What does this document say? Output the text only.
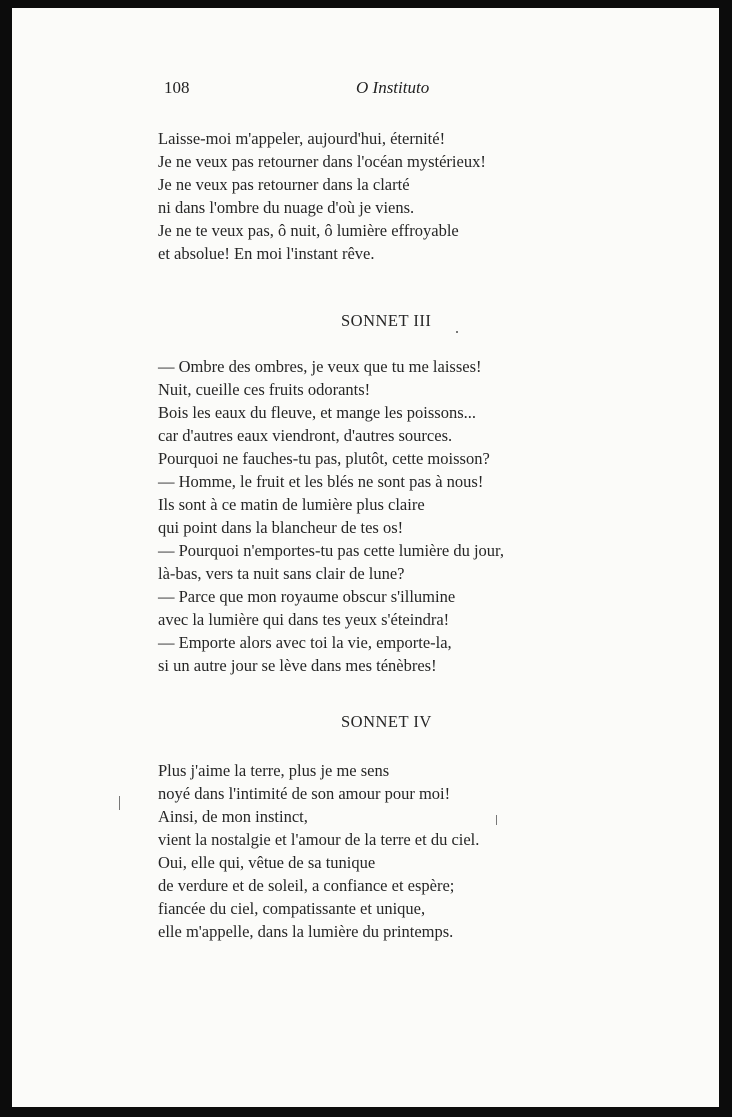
108	O Instituto
Laisse-moi m'appeler, aujourd'hui, éternité!
Je ne veux pas retourner dans l'océan mystérieux!
Je ne veux pas retourner dans la clarté
ni dans l'ombre du nuage d'où je viens.
Je ne te veux pas, ô nuit, ô lumière effroyable
et absolue! En moi l'instant rêve.
SONNET III
— Ombre des ombres, je veux que tu me laisses!
Nuit, cueille ces fruits odorants!
Bois les eaux du fleuve, et mange les poissons...
car d'autres eaux viendront, d'autres sources.
Pourquoi ne fauches-tu pas, plutôt, cette moisson?
— Homme, le fruit et les blés ne sont pas à nous!
Ils sont à ce matin de lumière plus claire
qui point dans la blancheur de tes os!
— Pourquoi n'emportes-tu pas cette lumière du jour,
là-bas, vers ta nuit sans clair de lune?
— Parce que mon royaume obscur s'illumine
avec la lumière qui dans tes yeux s'éteindra!
— Emporte alors avec toi la vie, emporte-la,
si un autre jour se lève dans mes ténèbres!
SONNET IV
Plus j'aime la terre, plus je me sens
noyé dans l'intimité de son amour pour moi!
Ainsi, de mon instinct,
vient la nostalgie et l'amour de la terre et du ciel.
Oui, elle qui, vêtue de sa tunique
de verdure et de soleil, a confiance et espère;
fiancée du ciel, compatissante et unique,
elle m'appelle, dans la lumière du printemps.
